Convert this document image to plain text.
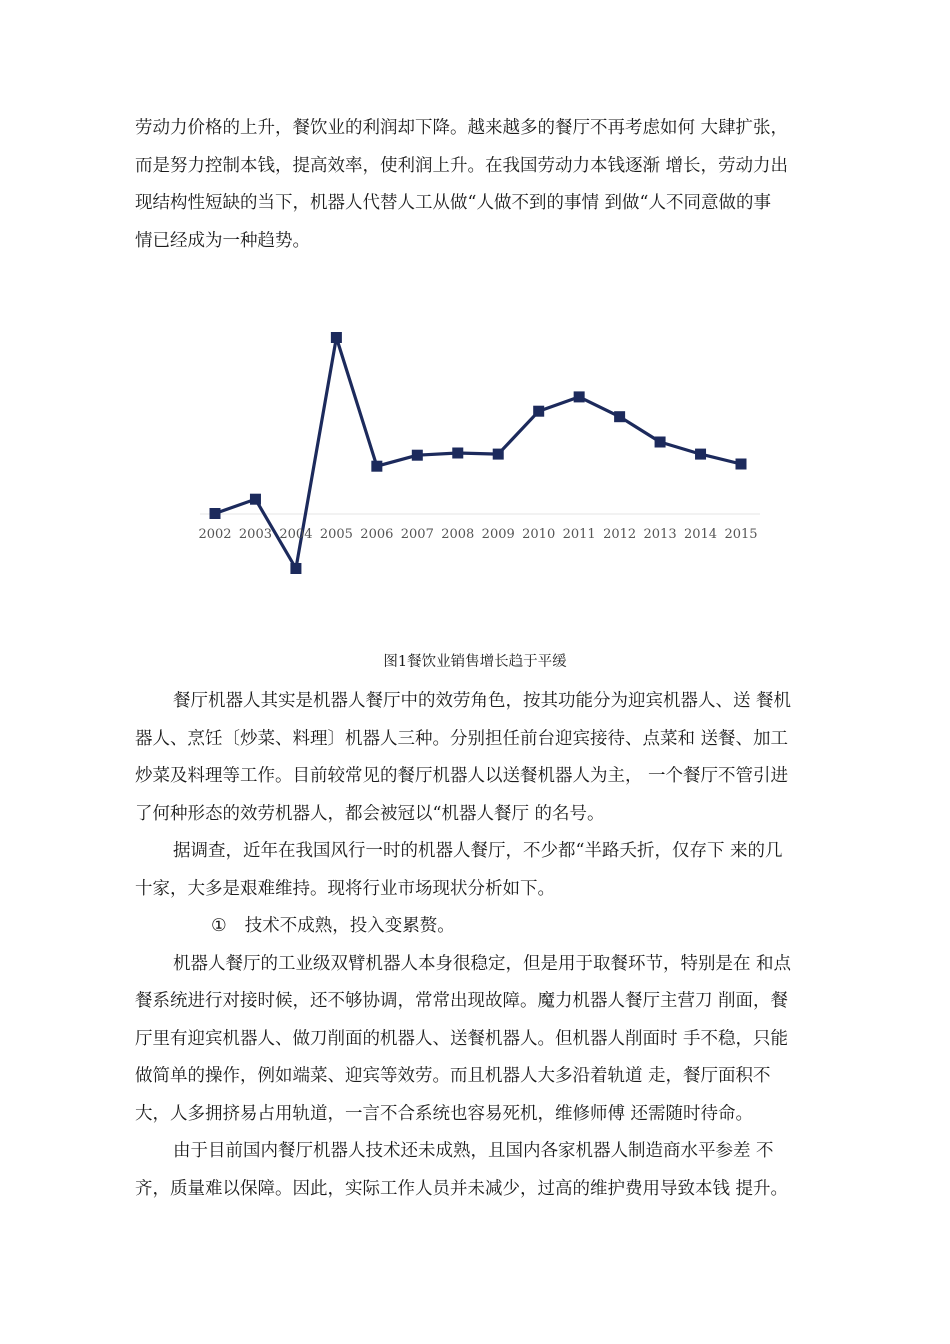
劳动力价格的上升，餐饮业的利润却下降。越来越多的餐厅不再考虑如何 大肆扩张，

而是努力控制本钱，提高效率，使利润上升。在我国劳动力本钱逐渐 增长，劳动力出

现结构性短缺的当下，机器人代替人工从做“人做不到的事情 到做“人不同意做的事

情已经成为一种趋势。

2002 2003 2004 2005 2006 2007 2008 2009 2010 2011 2012 2013 2014 2015
图1餐饮业销售增长趋于平缓

餐厅机器人其实是机器人餐厅中的效劳角色，按其功能分为迎宾机器人、送 餐机

器人、烹饪〔炒菜、料理〕机器人三种。分别担任前台迎宾接待、点菜和 送餐、加工

炒菜及料理等工作。目前较常见的餐厅机器人以送餐机器人为主， 一个餐厅不管引进

了何种形态的效劳机器人，都会被冠以“机器人餐厅 的名号。

据调查，近年在我国风行一时的机器人餐厅，不少都“半路夭折，仅存下 来的几

十家，大多是艰难维持。现将行业市场现状分析如下。

① 技术不成熟，投入变累赘。

机器人餐厅的工业级双臂机器人本身很稳定，但是用于取餐环节，特别是在 和点

餐系统进行对接时候，还不够协调，常常出现故障。魔力机器人餐厅主营刀 削面，餐

厅里有迎宾机器人、做刀削面的机器人、送餐机器人。但机器人削面时 手不稳，只能

做简单的操作，例如端菜、迎宾等效劳。而且机器人大多沿着轨道 走，餐厅面积不

大，人多拥挤易占用轨道，一言不合系统也容易死机，维修师傅 还需随时待命。

由于目前国内餐厅机器人技术还未成熟，且国内各家机器人制造商水平参差 不

齐，质量难以保障。因此，实际工作人员并未减少，过高的维护费用导致本钱 提升。
